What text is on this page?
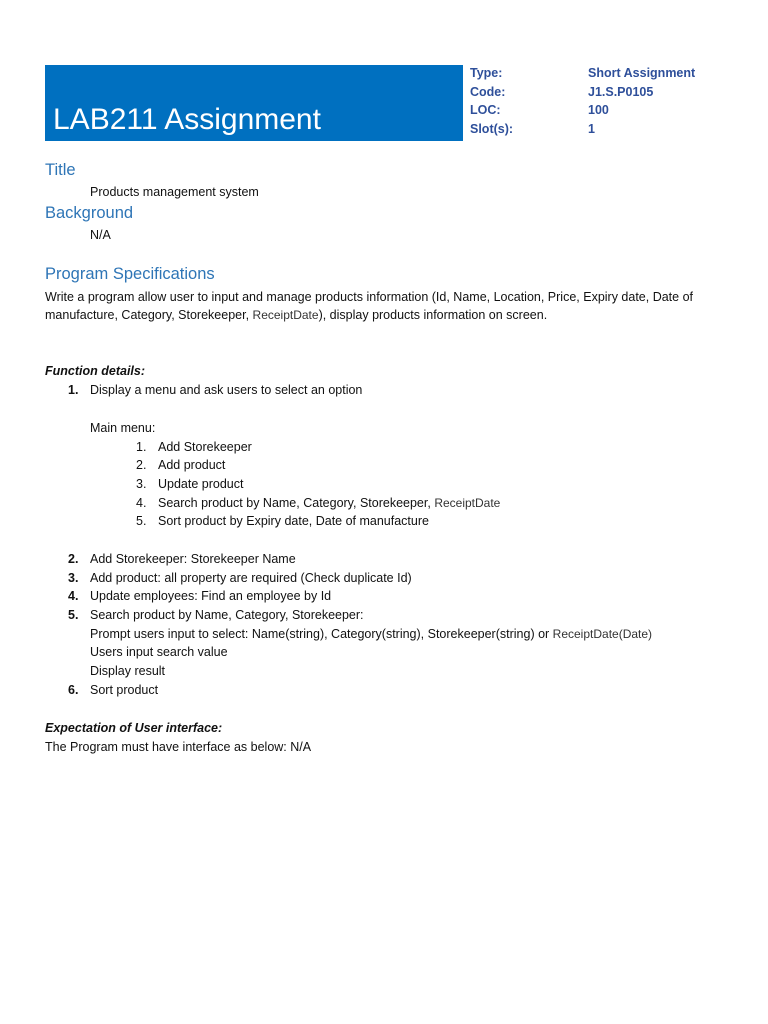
LAB211 Assignment
Type:	Short Assignment
Code:	J1.S.P0105
LOC:	100
Slot(s):	1
Title
Products management system
Background
N/A
Program Specifications
Write a program allow user to input and manage products information (Id, Name, Location, Price, Expiry date, Date of
manufacture, Category, Storekeeper, ReceiptDate), display products information on screen.
Function details:
1. Display a menu and ask users to select an option
Main menu:
1. Add Storekeeper
2. Add product
3. Update product
4. Search product by Name, Category, Storekeeper, ReceiptDate
5. Sort product by Expiry date, Date of manufacture
2. Add Storekeeper: Storekeeper Name
3. Add product: all property are required (Check duplicate Id)
4. Update employees: Find an employee by Id
5. Search product by Name, Category, Storekeeper:
Prompt users input to select: Name(string), Category(string), Storekeeper(string) or ReceiptDate(Date)
Users input search value
Display result
6. Sort product
Expectation of User interface:
The Program must have interface as below: N/A
